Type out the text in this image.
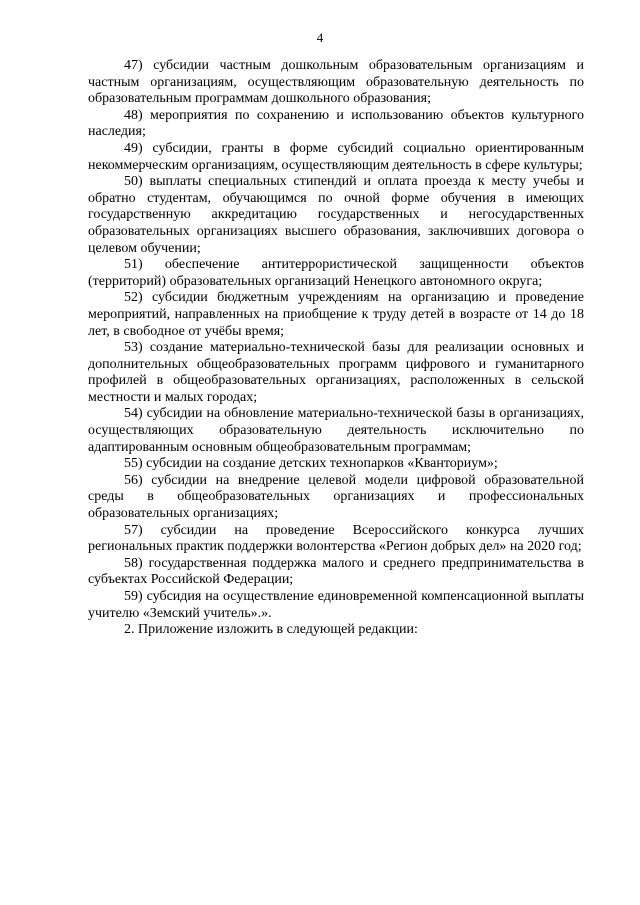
4

47) субсидии частным дошкольным образовательным организациям и частным организациям, осуществляющим образовательную деятельность по образовательным программам дошкольного образования;

48) мероприятия по сохранению и использованию объектов культурного наследия;

49) субсидии, гранты в форме субсидий социально ориентированным некоммерческим организациям, осуществляющим деятельность в сфере культуры;

50) выплаты специальных стипендий и оплата проезда к месту учебы и обратно студентам, обучающимся по очной форме обучения в имеющих государственную аккредитацию государственных и негосударственных образовательных организациях высшего образования, заключивших договора о целевом обучении;

51) обеспечение антитеррористической защищенности объектов (территорий) образовательных организаций Ненецкого автономного округа;

52) субсидии бюджетным учреждениям на организацию и проведение мероприятий, направленных на приобщение к труду детей в возрасте от 14 до 18 лет, в свободное от учёбы время;

53) создание материально-технической базы для реализации основных и дополнительных общеобразовательных программ цифрового и гуманитарного профилей в общеобразовательных организациях, расположенных в сельской местности и малых городах;

54) субсидии на обновление материально-технической базы в организациях, осуществляющих образовательную деятельность исключительно по адаптированным основным общеобразовательным программам;

55) субсидии на создание детских технопарков «Кванториум»;

56) субсидии на внедрение целевой модели цифровой образовательной среды в общеобразовательных организациях и профессиональных образовательных организациях;

57) субсидии на проведение Всероссийского конкурса лучших региональных практик поддержки волонтерства «Регион добрых дел» на 2020 год;

58) государственная поддержка малого и среднего предпринимательства в субъектах Российской Федерации;

59) субсидия на осуществление единовременной компенсационной выплаты учителю «Земский учитель».».

2. Приложение изложить в следующей редакции:
